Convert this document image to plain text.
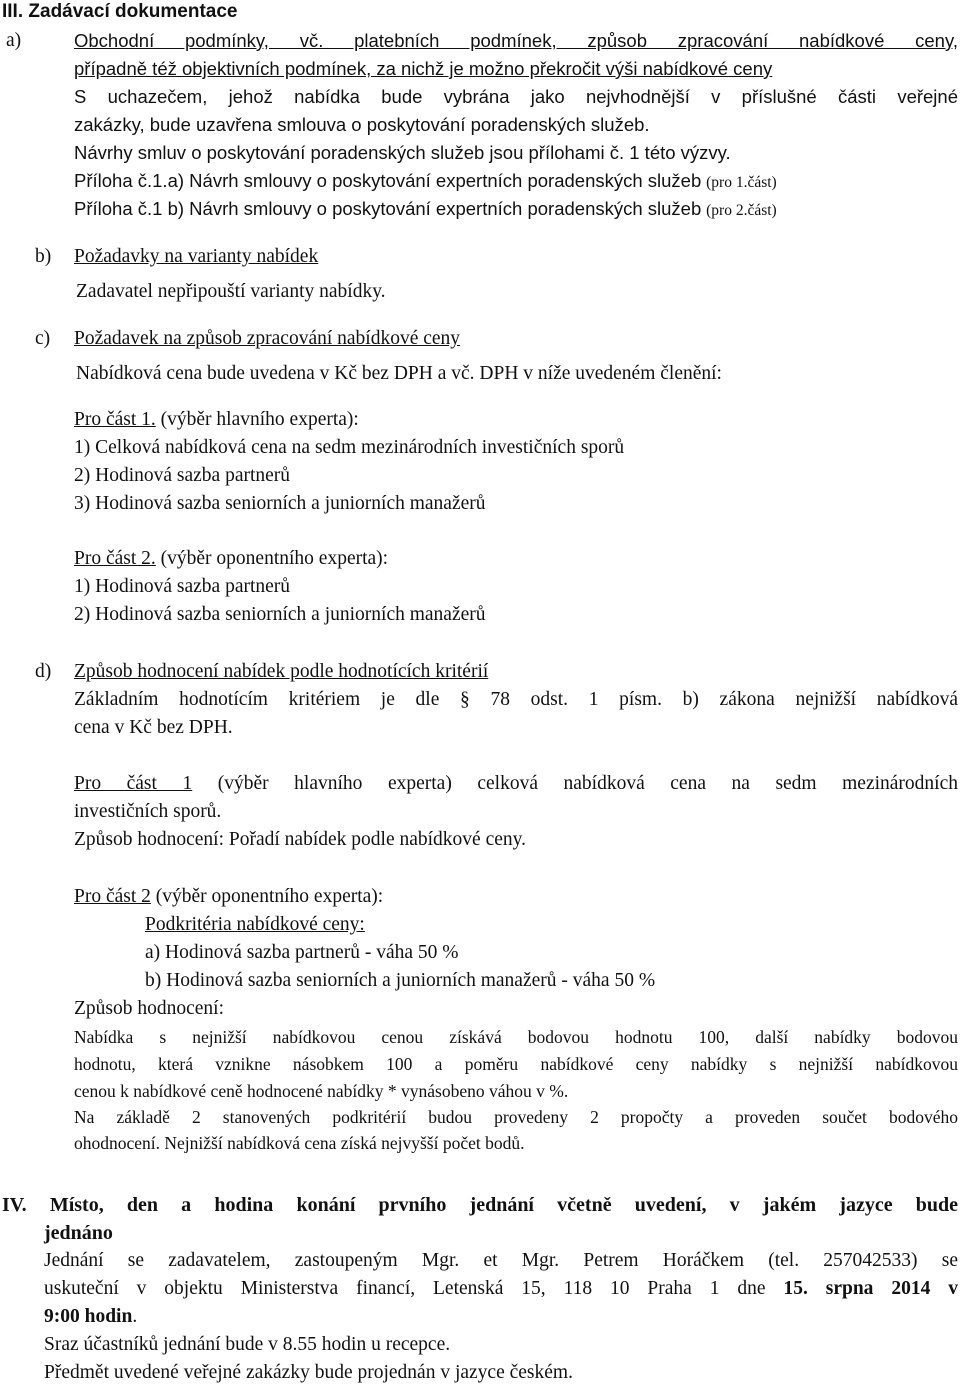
III. Zadávací dokumentace
a)	Obchodní podmínky, vč. platebních podmínek, způsob zpracování nabídkové ceny,
případně též objektivních podmínek, za nichž je možno překročit výši nabídkové ceny
S uchazečem, jehož nabídka bude vybrána jako nejvhodnější v příslušné části veřejné
zakázky, bude uzavřena smlouva o poskytování poradenských služeb.
Návrhy smluv o poskytování poradenských služeb jsou přílohami č. 1 této výzvy.
Příloha č.1.a) Návrh smlouvy o poskytování expertních poradenských služeb (pro 1.část)
Příloha č.1 b) Návrh smlouvy o poskytování expertních poradenských služeb (pro 2.část)
b) Požadavky na varianty nabídek
Zadavatel nepřipouští varianty nabídky.
c) Požadavek na způsob zpracování nabídkové ceny
Nabídková cena bude uvedena v Kč bez DPH a vč. DPH v níže uvedeném členění:
Pro část 1. (výběr hlavního experta):
1) Celková nabídková cena na sedm mezinárodních investičních sporů
2) Hodinová sazba partnerů
3) Hodinová sazba seniorních a juniorních manažerů
Pro část 2. (výběr oponentního experta):
1) Hodinová sazba partnerů
2) Hodinová sazba seniorních a juniorních manažerů
d) Způsob hodnocení nabídek podle hodnotících kritérií
Základním hodnotícím kritériem je dle § 78 odst. 1 písm. b) zákona nejnižší nabídková
cena v Kč bez DPH.
Pro část 1 (výběr hlavního experta) celková nabídková cena na sedm mezinárodních
investičních sporů.
Způsob hodnocení: Pořadí nabídek podle nabídkové ceny.
Pro část 2 (výběr oponentního experta):
Podkritéria nabídkové ceny:
a) Hodinová sazba partnerů - váha 50 %
b) Hodinová sazba seniorních a juniorních manažerů - váha 50 %
Způsob hodnocení:
Nabídka s nejnižší nabídkovou cenou získává bodovou hodnotu 100, další nabídky bodovou
hodnotu, která vznikne násobkem 100 a poměru nabídkové ceny nabídky s nejnižší nabídkovou
cenou k nabídkové ceně hodnocené nabídky * vynásobeno váhou v %.
Na základě 2 stanovených podkritérií budou provedeny 2 propočty a proveden součet bodového
ohodnocení. Nejnižší nabídková cena získá nejvyšší počet bodů.
IV. Místo, den a hodina konání prvního jednání včetně uvedení, v jakém jazyce bude
jednáno
Jednání se zadavatelem, zastoupeným Mgr. et Mgr. Petrem Horáčkem (tel. 257042533) se
uskuteční v objektu Ministerstva financí, Letenská 15, 118 10 Praha 1 dne 15. srpna 2014 v
9:00 hodin.
Sraz účastníků jednání bude v 8.55 hodin u recepce.
Předmět uvedené veřejné zakázky bude projednán v jazyce českém.
